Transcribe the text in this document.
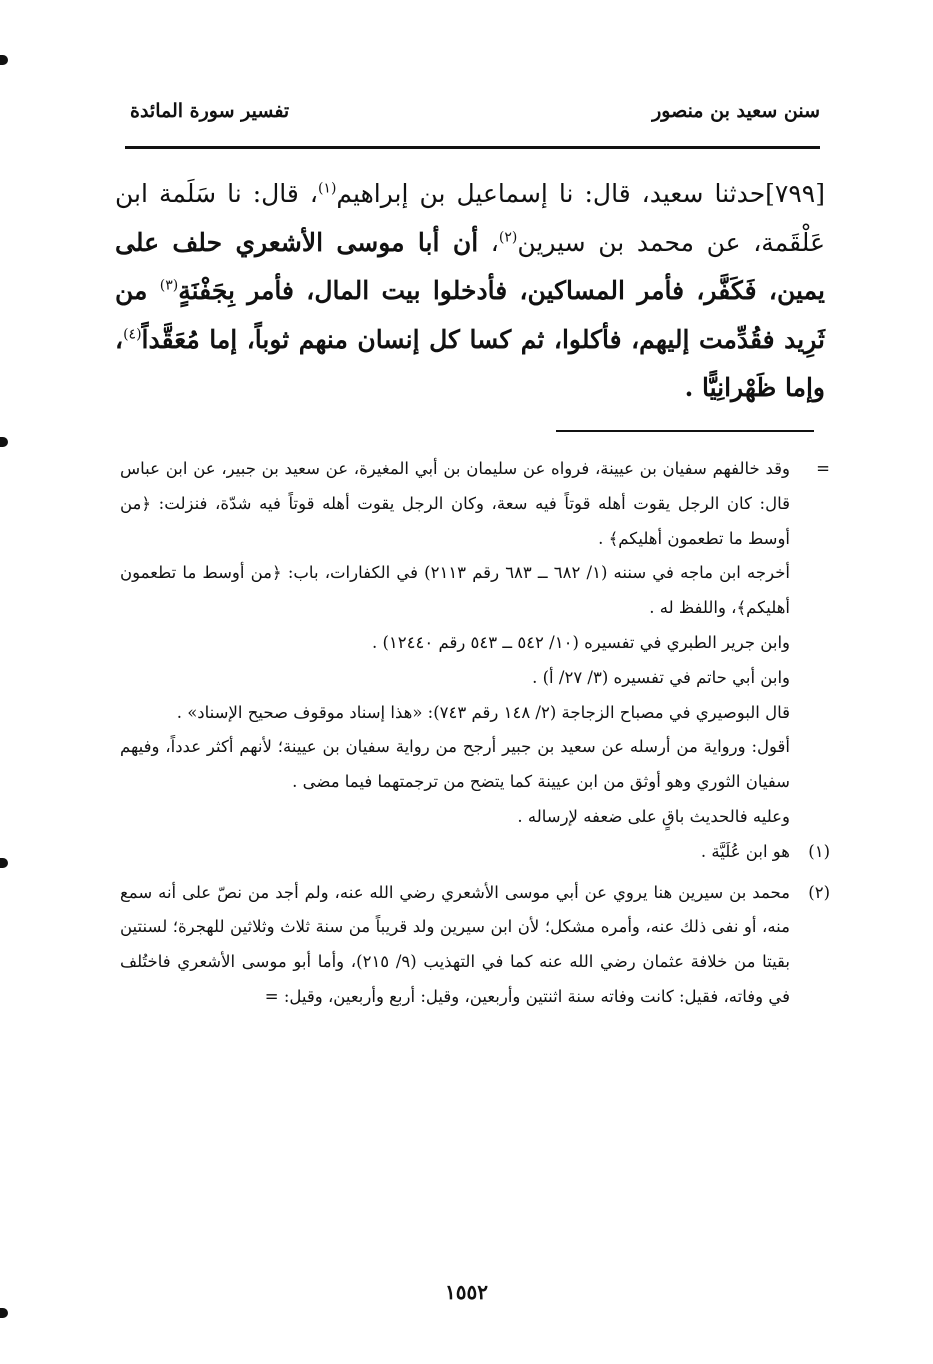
سنن سعيد بن منصور
تفسير سورة المائدة
[٧٩٩]حدثنا سعيد، قال: نا إسماعيل بن إبراهيم$^{(١)}$، قال: نا سَلَمة ابن عَلْقَمة، عن محمد بن سيرين$^{(٢)}$، أن أبا موسى الأشعري حلف على يمين، فَكَفَّر، فأمر المساكين، فأدخلوا بيت المال، فأمر بِجَفْنَةٍ$^{(٣)}$ من ثَرِيد فقُدِّمت إليهم، فأكلوا، ثم كسا كل إنسان منهم ثوباً، إما مُعَقَّداً$^{(٤)}$، وإما ظَهْرانِيًّا .

=
وقد خالفهم سفيان بن عيينة، فرواه عن سليمان بن أبي المغيرة، عن سعيد بن جبير، عن ابن عباس قال: كان الرجل يقوت أهله قوتاً فيه سعة، وكان الرجل يقوت أهله قوتاً فيه شدّة، فنزلت: ﴿من أوسط ما تطعمون أهليكم﴾ .

أخرجه ابن ماجه في سننه (١/ ٦٨٢ ــ ٦٨٣ رقم ٢١١٣) في الكفارات، باب: ﴿من أوسط ما تطعمون أهليكم﴾، واللفظ له .

وابن جرير الطبري في تفسيره (١٠/ ٥٤٢ ــ ٥٤٣ رقم ١٢٤٤٠) .

وابن أبي حاتم في تفسيره (٣/ ٢٧/ أ) .

قال البوصيري في مصباح الزجاجة (٢/ ١٤٨ رقم ٧٤٣): «هذا إسناد موقوف صحيح الإسناد» .

أقول: ورواية من أرسله عن سعيد بن جبير أرجح من رواية سفيان بن عيينة؛ لأنهم أكثر عدداً، وفيهم سفيان الثوري وهو أوثق من ابن عيينة كما يتضح من ترجمتهما فيما مضى .

وعليه فالحديث باقٍ على ضعفه لإرساله .

(١)
هو ابن عُلَيَّة .

(٢)
محمد بن سيرين هنا يروي عن أبي موسى الأشعري رضي الله عنه، ولم أجد من نصّ على أنه سمع منه، أو نفى ذلك عنه، وأمره مشكل؛ لأن ابن سيرين ولد قريباً من سنة ثلاث وثلاثين للهجرة؛ لسنتين بقيتا من خلافة عثمان رضي الله عنه كما في التهذيب (٩/ ٢١٥)، وأما أبو موسى الأشعري فاختُلف في وفاته، فقيل: كانت وفاته سنة اثنتين وأربعين، وقيل: أربع وأربعين، وقيل: =

١٥٥٢
